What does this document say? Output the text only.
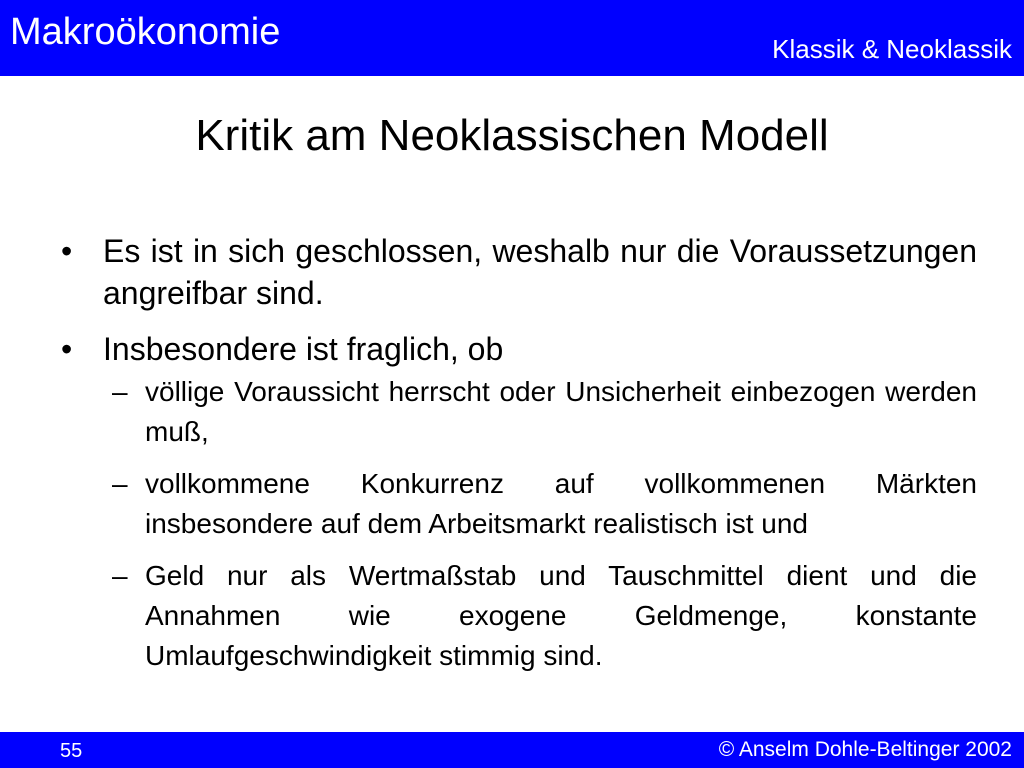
Makroökonomie	Klassik & Neoklassik
Kritik am Neoklassischen Modell
• Es ist in sich geschlossen, weshalb nur die Voraussetzungen angreifbar sind.
• Insbesondere ist fraglich, ob
– völlige Voraussicht herrscht oder Unsicherheit einbezogen werden muß,
– vollkommene Konkurrenz auf vollkommenen Märkten insbesondere auf dem Arbeitsmarkt realistisch ist und
– Geld nur als Wertmaßstab und Tauschmittel dient und die Annahmen wie exogene Geldmenge, konstante Umlaufgeschwindigkeit stimmig sind.
55	© Anselm Dohle-Beltinger 2002
